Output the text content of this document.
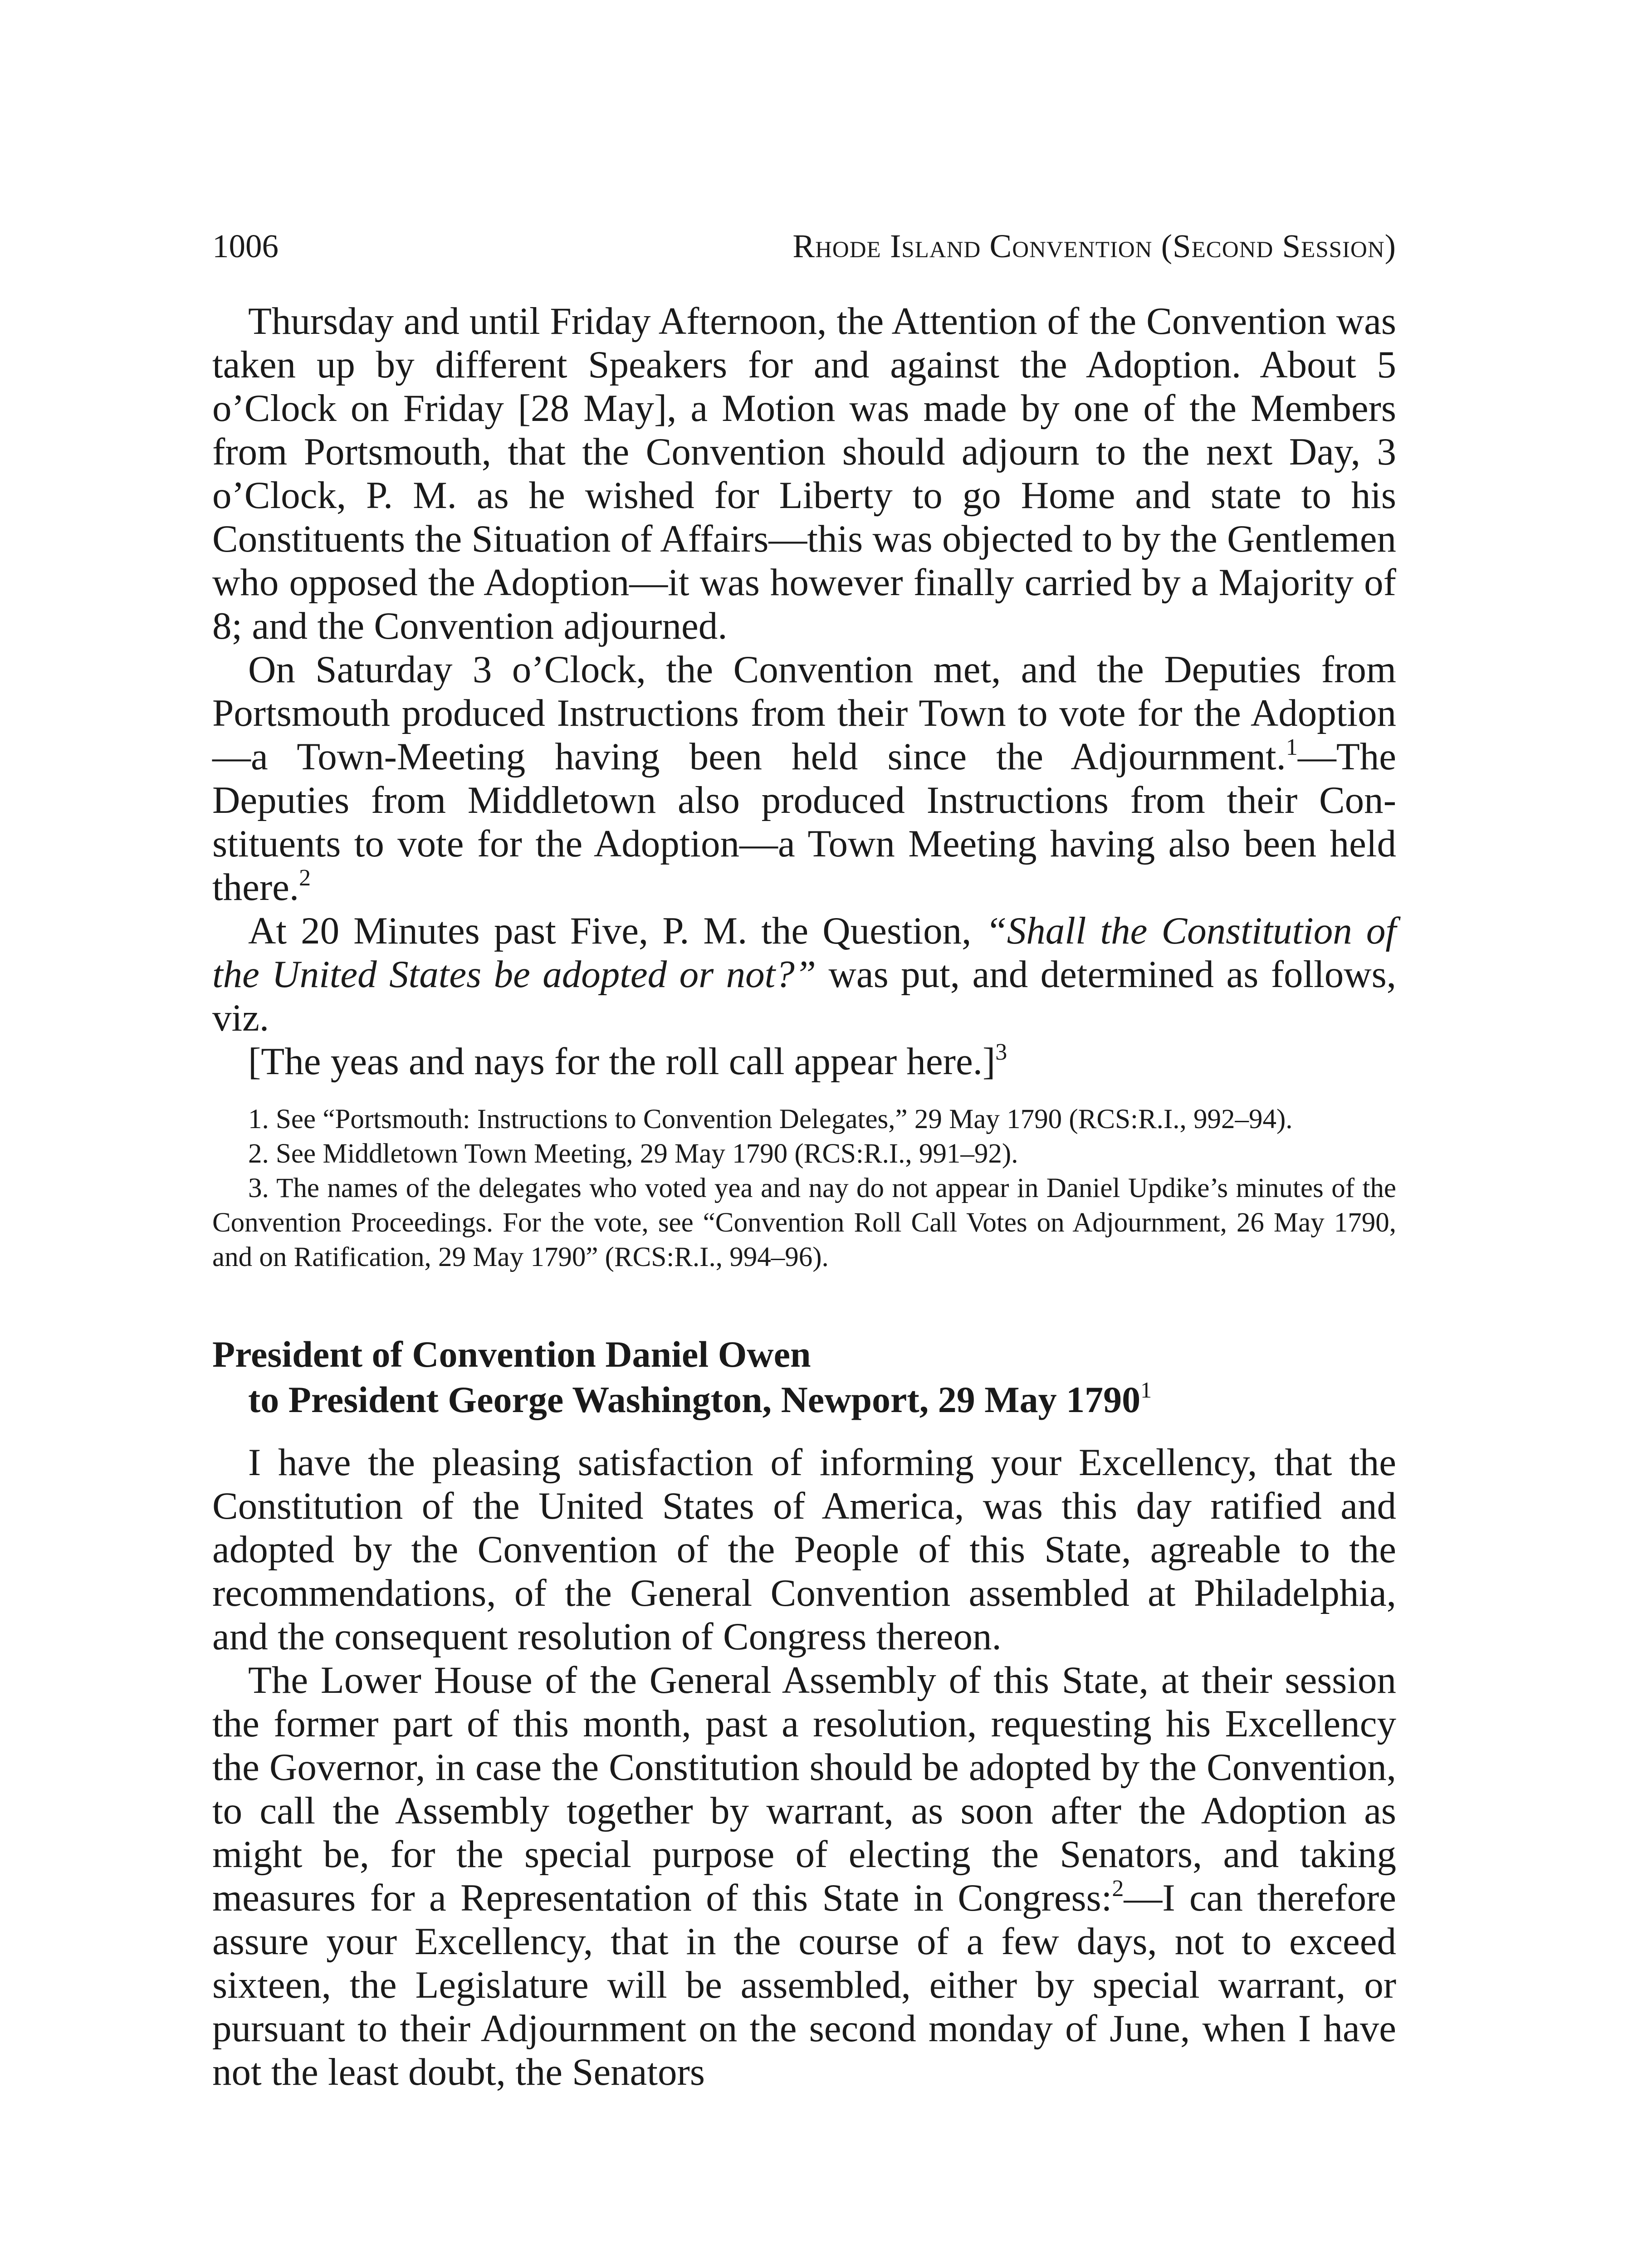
1006	Rhode Island Convention (Second Session)

Thursday and until Friday Afternoon, the Attention of the Convention was taken up by different Speakers for and against the Adoption. About 5 o’Clock on Friday [28 May], a Motion was made by one of the Members from Portsmouth, that the Convention should adjourn to the next Day, 3 o’Clock, P. M. as he wished for Liberty to go Home and state to his Constituents the Situation of Affairs—this was objected to by the Gentlemen who opposed the Adoption—it was however finally carried by a Majority of 8; and the Convention adjourned.

On Saturday 3 o’Clock, the Convention met, and the Deputies from Portsmouth produced Instructions from their Town to vote for the Adoption—a Town-Meeting having been held since the Adjournment.$^1$—The Deputies from Middletown also produced Instructions from their Constituents to vote for the Adoption—a Town Meeting having also been held there.$^2$

At 20 Minutes past Five, P. M. the Question, “Shall the Constitution of the United States be adopted or not?” was put, and determined as follows, viz.

[The yeas and nays for the roll call appear here.]$^3$

1. See “Portsmouth: Instructions to Convention Delegates,” 29 May 1790 (RCS:R.I., 992–94).

2. See Middletown Town Meeting, 29 May 1790 (RCS:R.I., 991–92).

3. The names of the delegates who voted yea and nay do not appear in Daniel Updike’s minutes of the Convention Proceedings. For the vote, see “Convention Roll Call Votes on Adjournment, 26 May 1790, and on Ratification, 29 May 1790” (RCS:R.I., 994–96).

President of Convention Daniel Owen
to President George Washington, Newport, 29 May 1790$^1$

I have the pleasing satisfaction of informing your Excellency, that the Constitution of the United States of America, was this day ratified and adopted by the Convention of the People of this State, agreable to the recommendations, of the General Convention assembled at Philadelphia, and the consequent resolution of Congress thereon.

The Lower House of the General Assembly of this State, at their session the former part of this month, past a resolution, requesting his Excellency the Governor, in case the Constitution should be adopted by the Convention, to call the Assembly together by warrant, as soon after the Adoption as might be, for the special purpose of electing the Senators, and taking measures for a Representation of this State in Congress:$^2$—I can therefore assure your Excellency, that in the course of a few days, not to exceed sixteen, the Legislature will be assembled, either by special warrant, or pursuant to their Adjournment on the second monday of June, when I have not the least doubt, the Senators
